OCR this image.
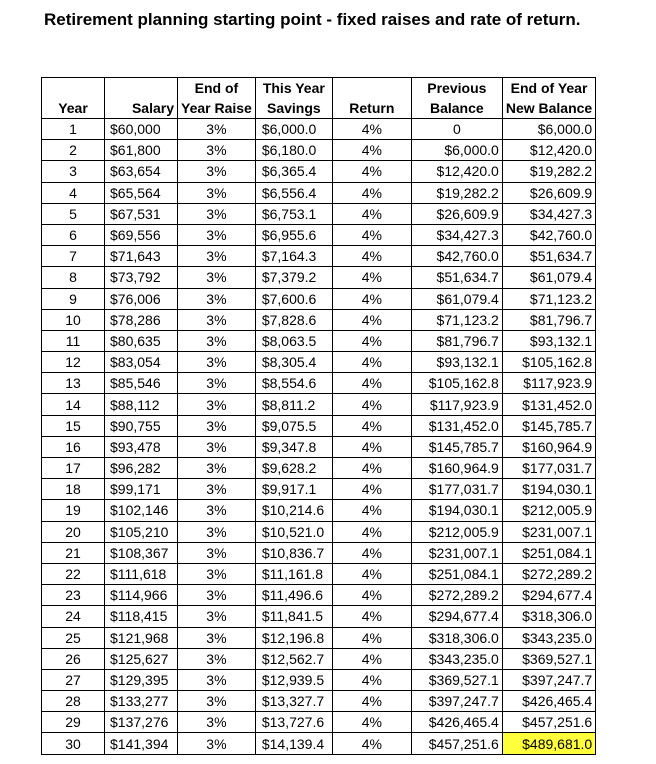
Retirement planning starting point - fixed raises and rate of return.
		End of	This Year		Previous	End of Year
Year	Salary	Year Raise	Savings	Return	Balance	New Balance
1	$60,000	3%	$6,000.0	4%	0	$6,000.0
2	$61,800	3%	$6,180.0	4%	$6,000.0	$12,420.0
3	$63,654	3%	$6,365.4	4%	$12,420.0	$19,282.2
4	$65,564	3%	$6,556.4	4%	$19,282.2	$26,609.9
5	$67,531	3%	$6,753.1	4%	$26,609.9	$34,427.3
6	$69,556	3%	$6,955.6	4%	$34,427.3	$42,760.0
7	$71,643	3%	$7,164.3	4%	$42,760.0	$51,634.7
8	$73,792	3%	$7,379.2	4%	$51,634.7	$61,079.4
9	$76,006	3%	$7,600.6	4%	$61,079.4	$71,123.2
10	$78,286	3%	$7,828.6	4%	$71,123.2	$81,796.7
11	$80,635	3%	$8,063.5	4%	$81,796.7	$93,132.1
12	$83,054	3%	$8,305.4	4%	$93,132.1	$105,162.8
13	$85,546	3%	$8,554.6	4%	$105,162.8	$117,923.9
14	$88,112	3%	$8,811.2	4%	$117,923.9	$131,452.0
15	$90,755	3%	$9,075.5	4%	$131,452.0	$145,785.7
16	$93,478	3%	$9,347.8	4%	$145,785.7	$160,964.9
17	$96,282	3%	$9,628.2	4%	$160,964.9	$177,031.7
18	$99,171	3%	$9,917.1	4%	$177,031.7	$194,030.1
19	$102,146	3%	$10,214.6	4%	$194,030.1	$212,005.9
20	$105,210	3%	$10,521.0	4%	$212,005.9	$231,007.1
21	$108,367	3%	$10,836.7	4%	$231,007.1	$251,084.1
22	$111,618	3%	$11,161.8	4%	$251,084.1	$272,289.2
23	$114,966	3%	$11,496.6	4%	$272,289.2	$294,677.4
24	$118,415	3%	$11,841.5	4%	$294,677.4	$318,306.0
25	$121,968	3%	$12,196.8	4%	$318,306.0	$343,235.0
26	$125,627	3%	$12,562.7	4%	$343,235.0	$369,527.1
27	$129,395	3%	$12,939.5	4%	$369,527.1	$397,247.7
28	$133,277	3%	$13,327.7	4%	$397,247.7	$426,465.4
29	$137,276	3%	$13,727.6	4%	$426,465.4	$457,251.6
30	$141,394	3%	$14,139.4	4%	$457,251.6	$489,681.0
